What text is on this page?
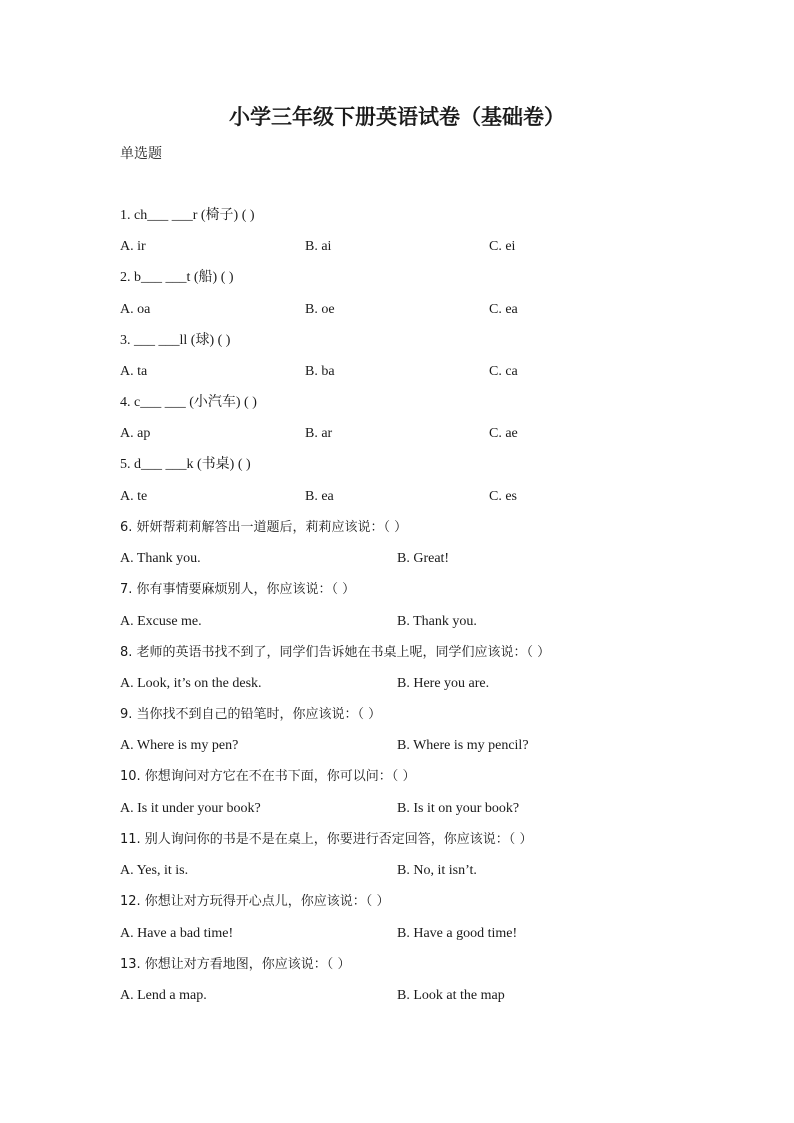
小学三年级下册英语试卷（基础卷）
单选题
1. ch___ ___r (椅子) ( )
A. ir	B. ai	C. ei
2. b___ ___t (船) ( )
A. oa	B. oe	C. ea
3. ___ ___ll (球) ( )
A. ta	B. ba	C. ca
4. c___ ___ (小汽车) ( )
A. ap	B. ar	C. ae
5. d___ ___k (书桌) ( )
A. te	B. ea	C. es
6. 妍妍帮莉莉解答出一道题后，莉莉应该说：（ ）
A. Thank you.	B. Great!
7. 你有事情要麻烦别人，你应该说：（ ）
A. Excuse me.	B. Thank you.
8. 老师的英语书找不到了，同学们告诉她在书桌上呢，同学们应该说：（ ）
A. Look, it’s on the desk.	B. Here you are.
9. 当你找不到自己的铅笔时，你应该说：（ ）
A. Where is my pen?	B. Where is my pencil?
10. 你想询问对方它在不在书下面，你可以问：（ ）
A. Is it under your book?	B. Is it on your book?
11. 别人询问你的书是不是在桌上，你要进行否定回答，你应该说：（ ）
A. Yes, it is.	B. No, it isn’t.
12. 你想让对方玩得开心点儿，你应该说：（ ）
A. Have a bad time!	B. Have a good time!
13. 你想让对方看地图，你应该说：（ ）
A. Lend a map.	B. Look at the map
